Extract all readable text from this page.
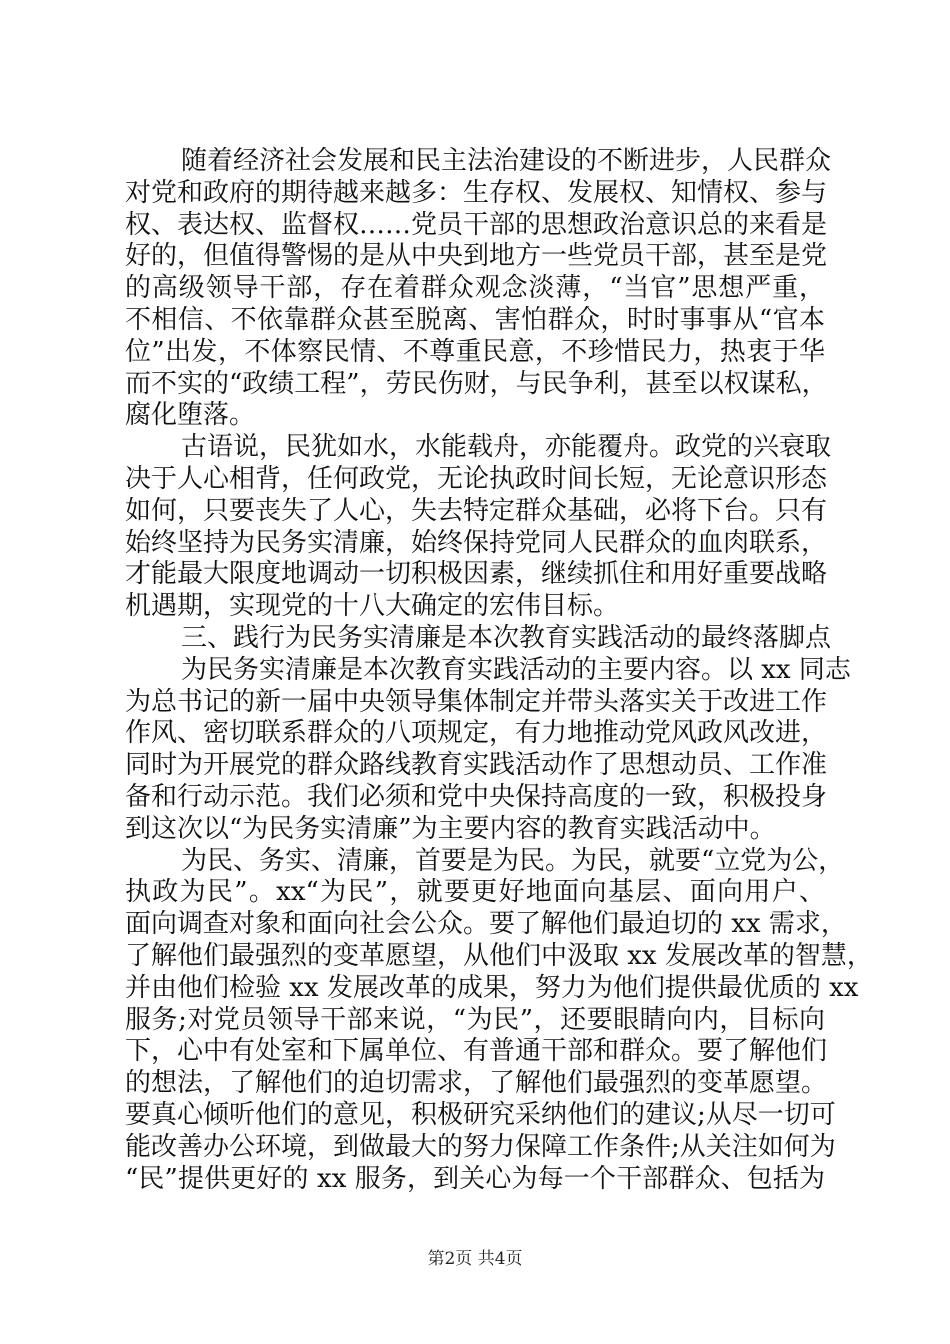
随着经济社会发展和民主法治建设的不断进步，人民群众
对党和政府的期待越来越多：生存权、发展权、知情权、参与
权、表达权、监督权……党员干部的思想政治意识总的来看是
好的，但值得警惕的是从中央到地方一些党员干部，甚至是党
的高级领导干部，存在着群众观念淡薄，“当官”思想严重，
不相信、不依靠群众甚至脱离、害怕群众，时时事事从“官本
位”出发，不体察民情、不尊重民意，不珍惜民力，热衷于华
而不实的“政绩工程”，劳民伤财，与民争利，甚至以权谋私，
腐化堕落。
古语说，民犹如水，水能载舟，亦能覆舟。政党的兴衰取
决于人心相背，任何政党，无论执政时间长短，无论意识形态
如何，只要丧失了人心，失去特定群众基础，必将下台。只有
始终坚持为民务实清廉，始终保持党同人民群众的血肉联系，
才能最大限度地调动一切积极因素，继续抓住和用好重要战略
机遇期，实现党的十八大确定的宏伟目标。
三、践行为民务实清廉是本次教育实践活动的最终落脚点
为民务实清廉是本次教育实践活动的主要内容。以 xx 同志
为总书记的新一届中央领导集体制定并带头落实关于改进工作
作风、密切联系群众的八项规定，有力地推动党风政风改进，
同时为开展党的群众路线教育实践活动作了思想动员、工作准
备和行动示范。我们必须和党中央保持高度的一致，积极投身
到这次以“为民务实清廉”为主要内容的教育实践活动中。
为民、务实、清廉，首要是为民。为民，就要“立党为公，
执政为民”。xx“为民”，就要更好地面向基层、面向用户、
面向调查对象和面向社会公众。要了解他们最迫切的 xx 需求，
了解他们最强烈的变革愿望，从他们中汲取 xx 发展改革的智慧，
并由他们检验 xx 发展改革的成果，努力为他们提供最优质的 xx
服务;对党员领导干部来说，“为民”，还要眼睛向内，目标向
下，心中有处室和下属单位、有普通干部和群众。要了解他们
的想法，了解他们的迫切需求，了解他们最强烈的变革愿望。
要真心倾听他们的意见，积极研究采纳他们的建议;从尽一切可
能改善办公环境，到做最大的努力保障工作条件;从关注如何为
“民”提供更好的 xx 服务，到关心为每一个干部群众、包括为
第2页 共4页
